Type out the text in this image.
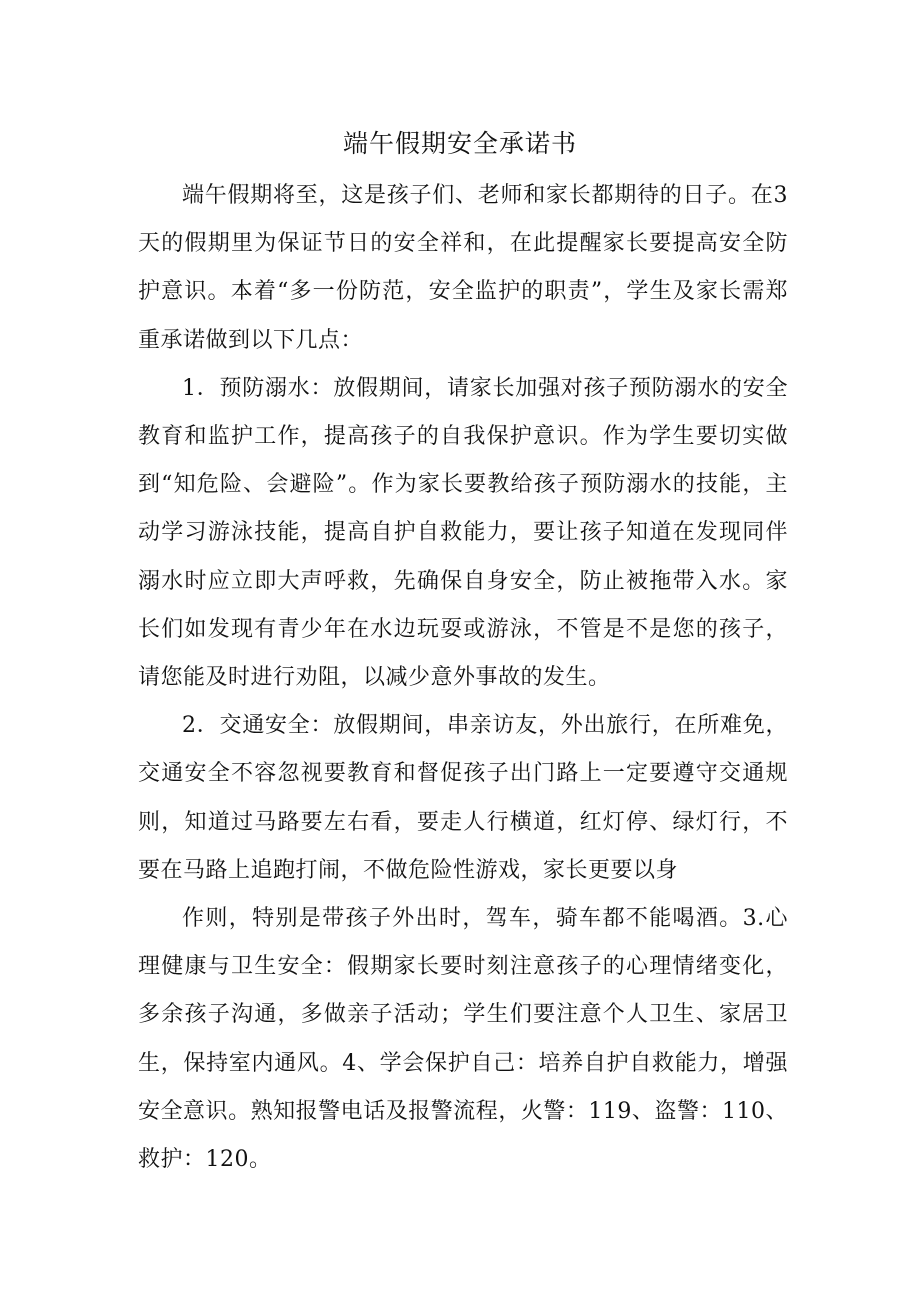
端午假期安全承诺书

端午假期将至，这是孩子们、老师和家长都期待的日子。在3天的假期里为保证节日的安全祥和，在此提醒家长要提高安全防护意识。本着“多一份防范，安全监护的职责”，学生及家长需郑重承诺做到以下几点：

1．预防溺水：放假期间，请家长加强对孩子预防溺水的安全教育和监护工作，提高孩子的自我保护意识。作为学生要切实做到“知危险、会避险”。作为家长要教给孩子预防溺水的技能，主动学习游泳技能，提高自护自救能力，要让孩子知道在发现同伴溺水时应立即大声呼救，先确保自身安全，防止被拖带入水。家长们如发现有青少年在水边玩耍或游泳，不管是不是您的孩子，请您能及时进行劝阻，以减少意外事故的发生。

2．交通安全：放假期间，串亲访友，外出旅行，在所难免，交通安全不容忽视要教育和督促孩子出门路上一定要遵守交通规则，知道过马路要左右看，要走人行横道，红灯停、绿灯行，不要在马路上追跑打闹，不做危险性游戏，家长更要以身

作则，特别是带孩子外出时，驾车，骑车都不能喝酒。3.心理健康与卫生安全：假期家长要时刻注意孩子的心理情绪变化，多余孩子沟通，多做亲子活动；学生们要注意个人卫生、家居卫生，保持室内通风。4、学会保护自己：培养自护自救能力，增强安全意识。熟知报警电话及报警流程，火警：119、盗警：110、救护：120。
